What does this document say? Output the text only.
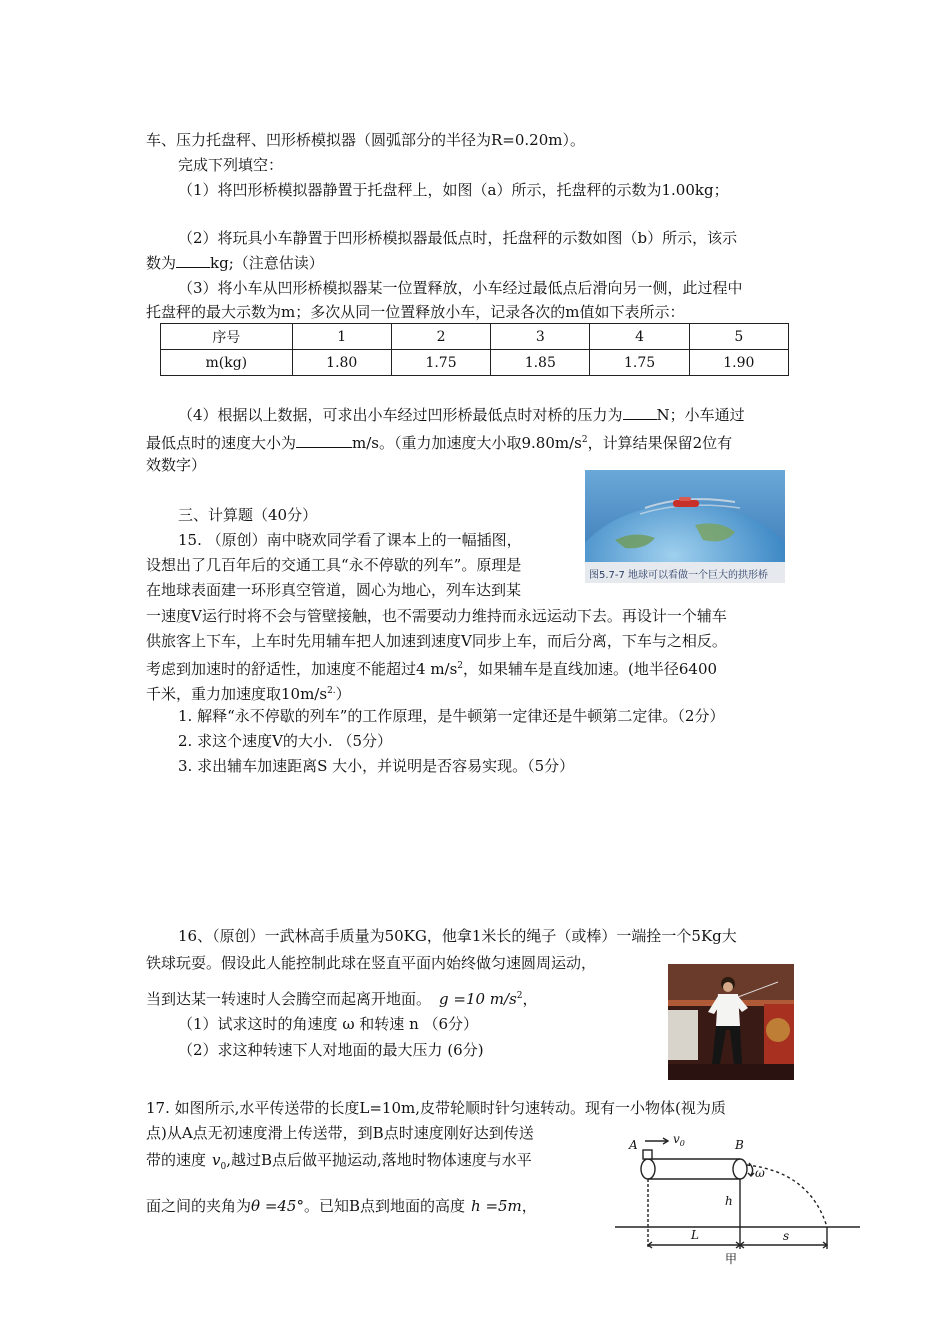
车、压力托盘秤、凹形桥模拟器（圆弧部分的半径为R=0.20m）。
完成下列填空：
（1）将凹形桥模拟器静置于托盘秤上，如图（a）所示，托盘秤的示数为1.00kg；
（2）将玩具小车静置于凹形桥模拟器最低点时，托盘秤的示数如图（b）所示，该示
数为 kg;（注意估读）
（3）将小车从凹形桥模拟器某一位置释放，小车经过最低点后滑向另一侧，此过程中
托盘秤的最大示数为m；多次从同一位置释放小车，记录各次的m值如下表所示：
序号	1	2	3	4	5
m(kg)	1.80	1.75	1.85	1.75	1.90
（4）根据以上数据，可求出小车经过凹形桥最低点时对桥的压力为 N；小车通过
最低点时的速度大小为	m/s。（重力加速度大小取$9.80m/s^2$，计算结果保留2位有
效数字）
三、计算题（40分）
图5.7-7 地球可以看做一个巨大的拱形桥
15. （原创）南中晓欢同学看了课本上的一幅插图，
设想出了几百年后的交通工具“永不停歇的列车”。原理是
在地球表面建一环形真空管道，圆心为地心，列车达到某
一速度V运行时将不会与管壁接触，也不需要动力维持而永远运动下去。再设计一个辅车
供旅客上下车，上车时先用辅车把人加速到速度V同步上车，而后分离，下车与之相反。
考虑到加速时的舒适性，加速度不能超过4 $m/s^2$，如果辅车是直线加速。(地半径6400
千米，重力加速度取$10m/s^{2.}$）
1. 解释“永不停歇的列车”的工作原理，是牛顿第一定律还是牛顿第二定律。（2分）
2. 求这个速度V的大小. （5分）
3. 求出辅车加速距离S 大小，并说明是否容易实现。（5分）
16、（原创）一武林高手质量为50KG，他拿1米长的绳子（或棒）一端拴一个5Kg大
铁球玩耍。假设此人能控制此球在竖直平面内始终做匀速圆周运动，
当到达某一转速时人会腾空而起离开地面。 g =10 $m/s^2$，
（1）试求这时的角速度 ω 和转速 n （6分）
（2）求这种转速下人对地面的最大压力 (6分)
17. 如图所示,水平传送带的长度L=10m,皮带轮顺时针匀速转动。现有一小物体(视为质
点)从A点无初速度滑上传送带，到B点时速度刚好达到传送
带的速度 $v_0$,越过B点后做平抛运动,落地时物体速度与水平
面之间的夹角为θ =45°。已知B点到地面的高度 h =5m，
A	B
$v_0$
ω
h
L	s
甲
